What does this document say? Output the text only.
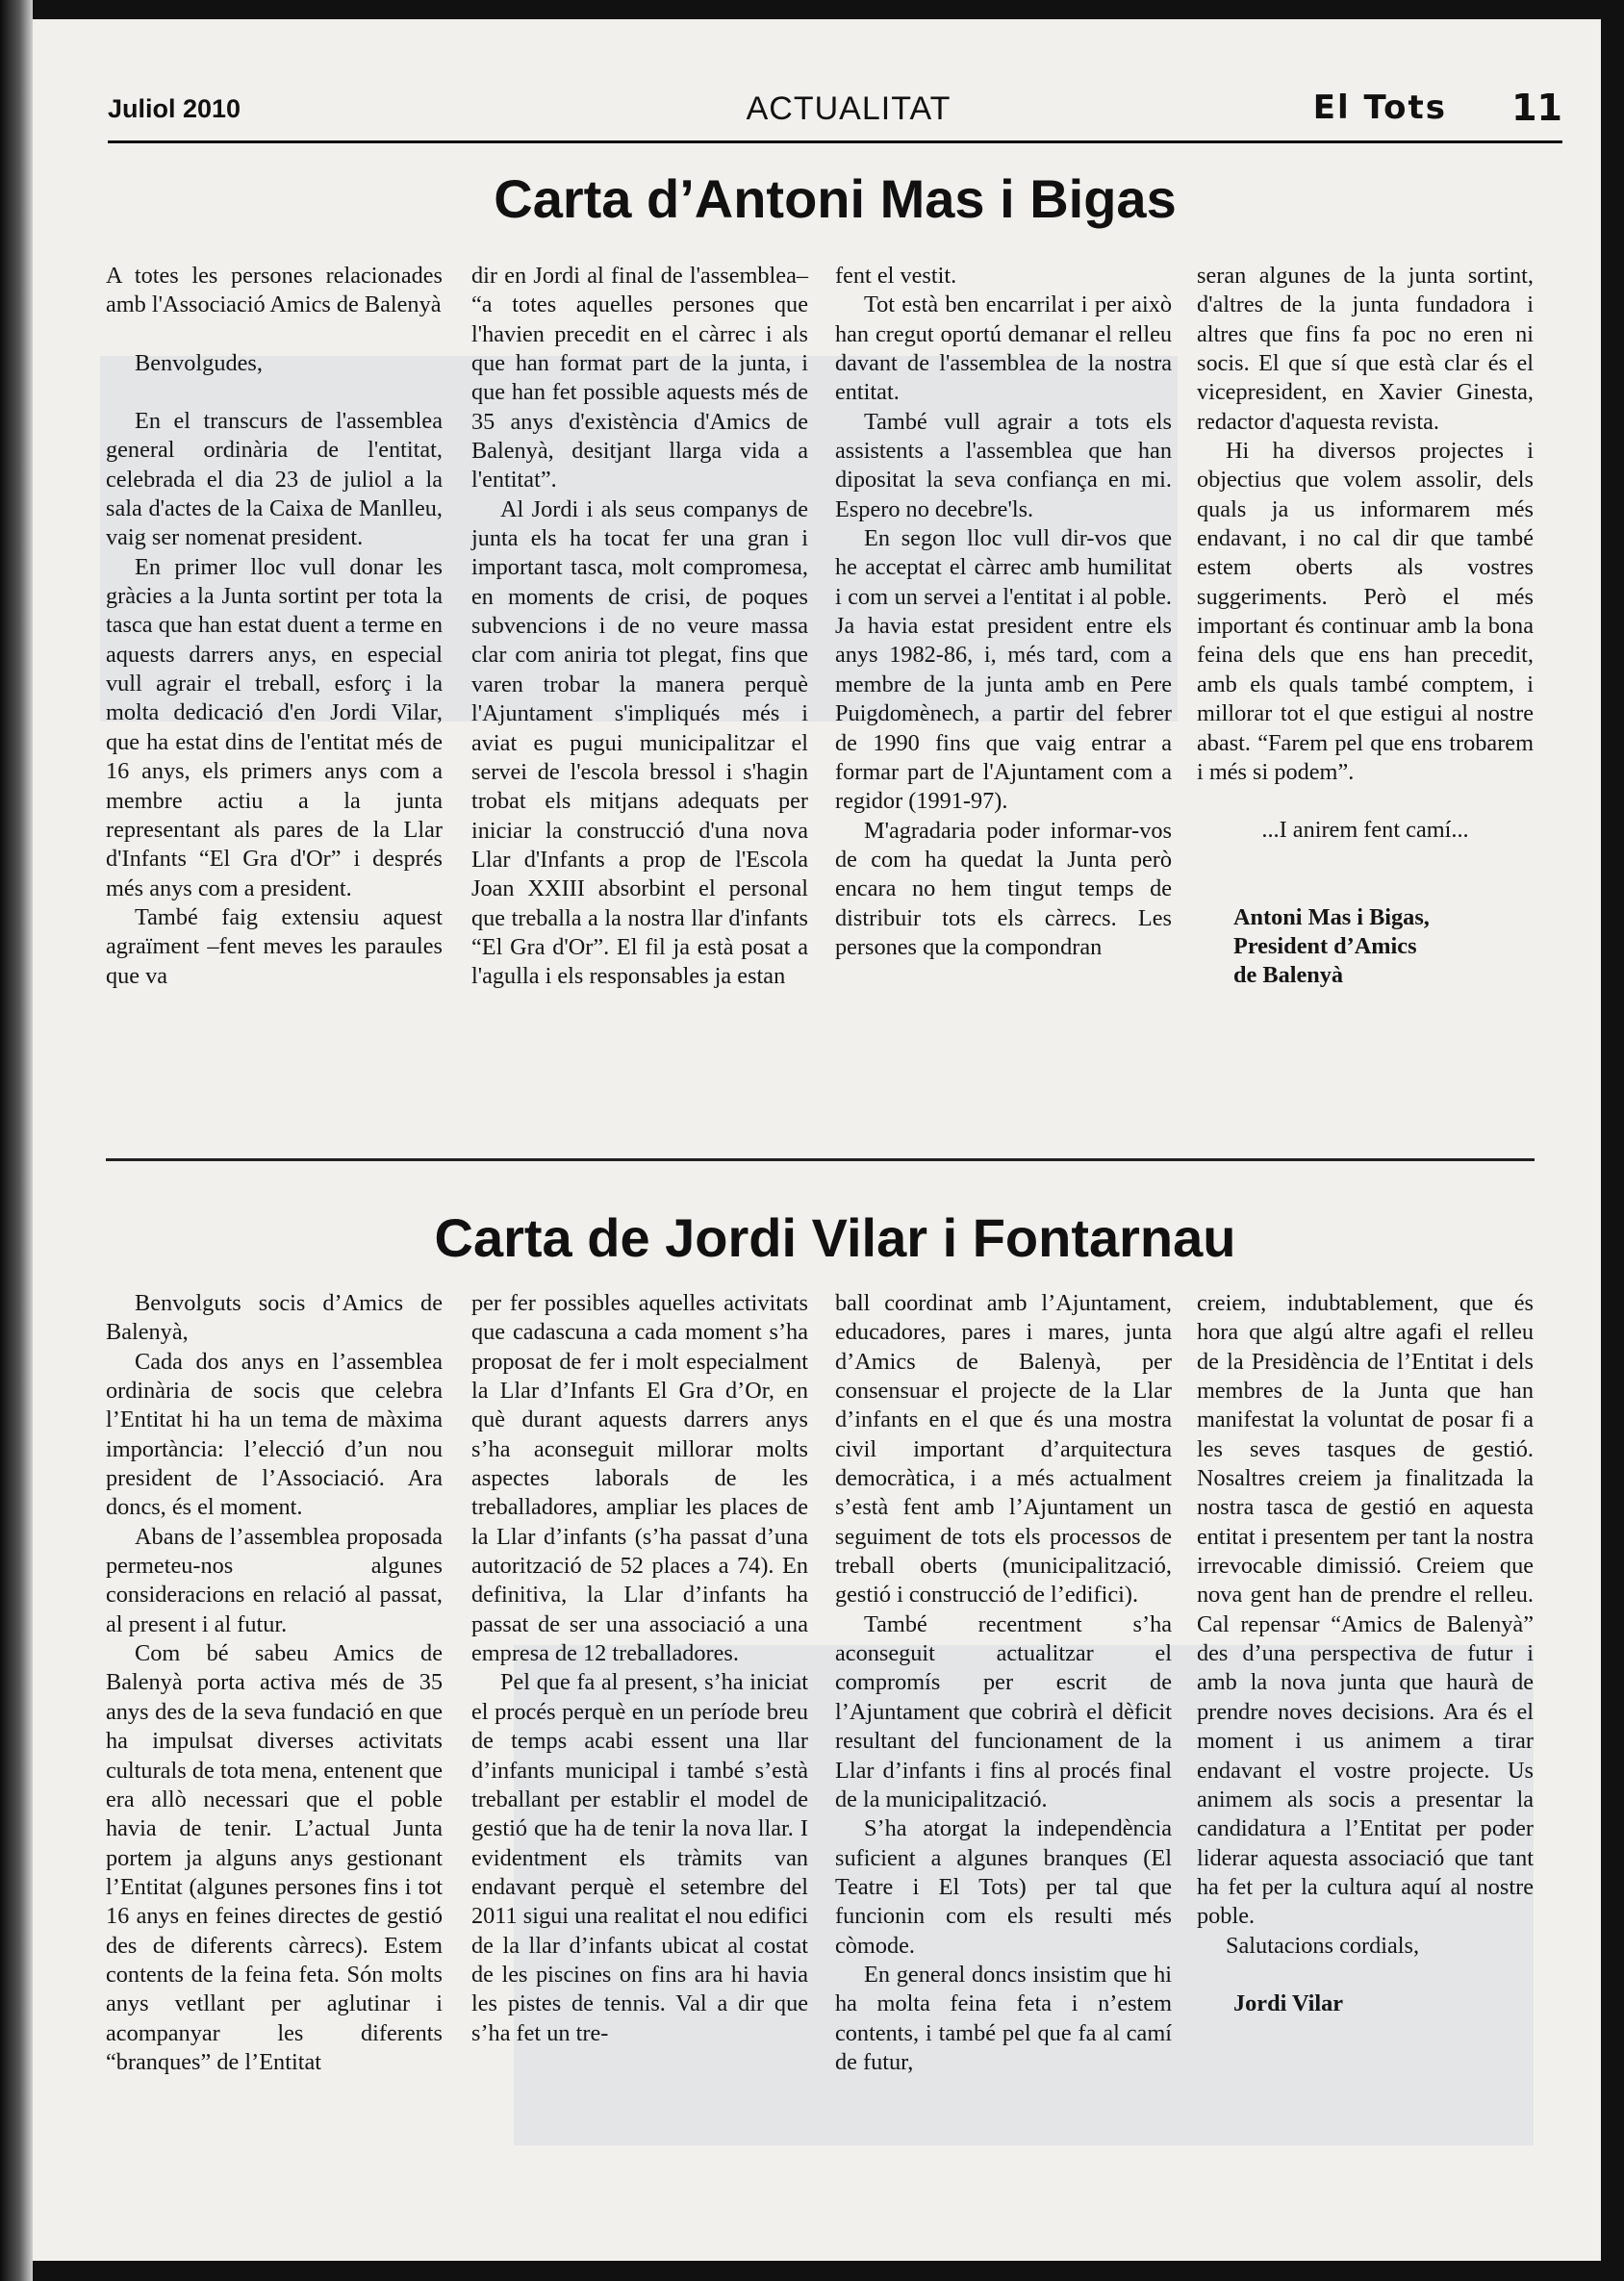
Juliol 2010	ACTUALITAT	El Tots 11
Carta d’Antoni Mas i Bigas

A totes les persones relacionades amb l'Associació Amics de Balenyà

Benvolgudes,

En el transcurs de l'assemblea general ordinària de l'entitat, celebrada el dia 23 de juliol a la sala d'actes de la Caixa de Manlleu, vaig ser nomenat president.

En primer lloc vull donar les gràcies a la Junta sortint per tota la tasca que han estat duent a terme en aquests darrers anys, en especial vull agrair el treball, esforç i la molta dedicació d'en Jordi Vilar, que ha estat dins de l'entitat més de 16 anys, els primers anys com a membre actiu a la junta representant als pares de la Llar d'Infants “El Gra d'Or” i després més anys com a president.

També faig extensiu aquest agraïment –fent meves les paraules que va

dir en Jordi al final de l'assemblea– “a totes aquelles persones que l'havien precedit en el càrrec i als que han format part de la junta, i que han fet possible aquests més de 35 anys d'existència d'Amics de Balenyà, desitjant llarga vida a l'entitat”.

Al Jordi i als seus companys de junta els ha tocat fer una gran i important tasca, molt compromesa, en moments de crisi, de poques subvencions i de no veure massa clar com aniria tot plegat, fins que varen trobar la manera perquè l'Ajuntament s'impliqués més i aviat es pugui municipalitzar el servei de l'escola bressol i s'hagin trobat els mitjans adequats per iniciar la construcció d'una nova Llar d'Infants a prop de l'Escola Joan XXIII absorbint el personal que treballa a la nostra llar d'infants “El Gra d'Or”. El fil ja està posat a l'agulla i els responsables ja estan

fent el vestit.

Tot està ben encarrilat i per això han cregut oportú demanar el relleu davant de l'assemblea de la nostra entitat.

També vull agrair a tots els assistents a l'assemblea que han dipositat la seva confiança en mi. Espero no decebre'ls.

En segon lloc vull dir-vos que he acceptat el càrrec amb humilitat i com un servei a l'entitat i al poble. Ja havia estat president entre els anys 1982-86, i, més tard, com a membre de la junta amb en Pere Puigdomènech, a partir del febrer de 1990 fins que vaig entrar a formar part de l'Ajuntament com a regidor (1991-97).

M'agradaria poder informar-vos de com ha quedat la Junta però encara no hem tingut temps de distribuir tots els càrrecs. Les persones que la compondran

seran algunes de la junta sortint, d'altres de la junta fundadora i altres que fins fa poc no eren ni socis. El que sí que està clar és el vicepresident, en Xavier Ginesta, redactor d'aquesta revista.

Hi ha diversos projectes i objectius que volem assolir, dels quals ja us informarem més endavant, i no cal dir que també estem oberts als vostres suggeriments. Però el més important és continuar amb la bona feina dels que ens han precedit, amb els quals també comptem, i millorar tot el que estigui al nostre abast. “Farem pel que ens trobarem i més si podem”.

...I anirem fent camí...

Antoni Mas i Bigas,

President d’Amics

de Balenyà

Carta de Jordi Vilar i Fontarnau

Benvolguts socis d’Amics de Balenyà,

Cada dos anys en l’assemblea ordinària de socis que celebra l’Entitat hi ha un tema de màxima importància: l’elecció d’un nou president de l’Associació. Ara doncs, és el moment.

Abans de l’assemblea proposada permeteu-nos algunes consideracions en relació al passat, al present i al futur.

Com bé sabeu Amics de Balenyà porta activa més de 35 anys des de la seva fundació en que ha impulsat diverses activitats culturals de tota mena, entenent que era allò necessari que el poble havia de tenir. L’actual Junta portem ja alguns anys gestionant l’Entitat (algunes persones fins i tot 16 anys en feines directes de gestió des de diferents càrrecs). Estem contents de la feina feta. Són molts anys vetllant per aglutinar i acompanyar les diferents “branques” de l’Entitat

per fer possibles aquelles activitats que cadascuna a cada moment s’ha proposat de fer i molt especialment la Llar d’Infants El Gra d’Or, en què durant aquests darrers anys s’ha aconseguit millorar molts aspectes laborals de les treballadores, ampliar les places de la Llar d’infants (s’ha passat d’una autorització de 52 places a 74). En definitiva, la Llar d’infants ha passat de ser una associació a una empresa de 12 treballadores.

Pel que fa al present, s’ha iniciat el procés perquè en un període breu de temps acabi essent una llar d’infants municipal i també s’està treballant per establir el model de gestió que ha de tenir la nova llar. I evidentment els tràmits van endavant perquè el setembre del 2011 sigui una realitat el nou edifici de la llar d’infants ubicat al costat de les piscines on fins ara hi havia les pistes de tennis. Val a dir que s’ha fet un tre-

ball coordinat amb l’Ajuntament, educadores, pares i mares, junta d’Amics de Balenyà, per consensuar el projecte de la Llar d’infants en el que és una mostra civil important d’arquitectura democràtica, i a més actualment s’està fent amb l’Ajuntament un seguiment de tots els processos de treball oberts (municipalització, gestió i construcció de l’edifici).

També recentment s’ha aconseguit actualitzar el compromís per escrit de l’Ajuntament que cobrirà el dèficit resultant del funcionament de la Llar d’infants i fins al procés final de la municipalització.

S’ha atorgat la independència suficient a algunes branques (El Teatre i El Tots) per tal que funcionin com els resulti més còmode.

En general doncs insistim que hi ha molta feina feta i n’estem contents, i també pel que fa al camí de futur,

creiem, indubtablement, que és hora que algú altre agafi el relleu de la Presidència de l’Entitat i dels membres de la Junta que han manifestat la voluntat de posar fi a les seves tasques de gestió. Nosaltres creiem ja finalitzada la nostra tasca de gestió en aquesta entitat i presentem per tant la nostra irrevocable dimissió. Creiem que nova gent han de prendre el relleu. Cal repensar “Amics de Balenyà” des d’una perspectiva de futur i amb la nova junta que haurà de prendre noves decisions. Ara és el moment i us animem a tirar endavant el vostre projecte. Us animem als socis a presentar la candidatura a l’Entitat per poder liderar aquesta associació que tant ha fet per la cultura aquí al nostre poble.

Salutacions cordials,

Jordi Vilar
